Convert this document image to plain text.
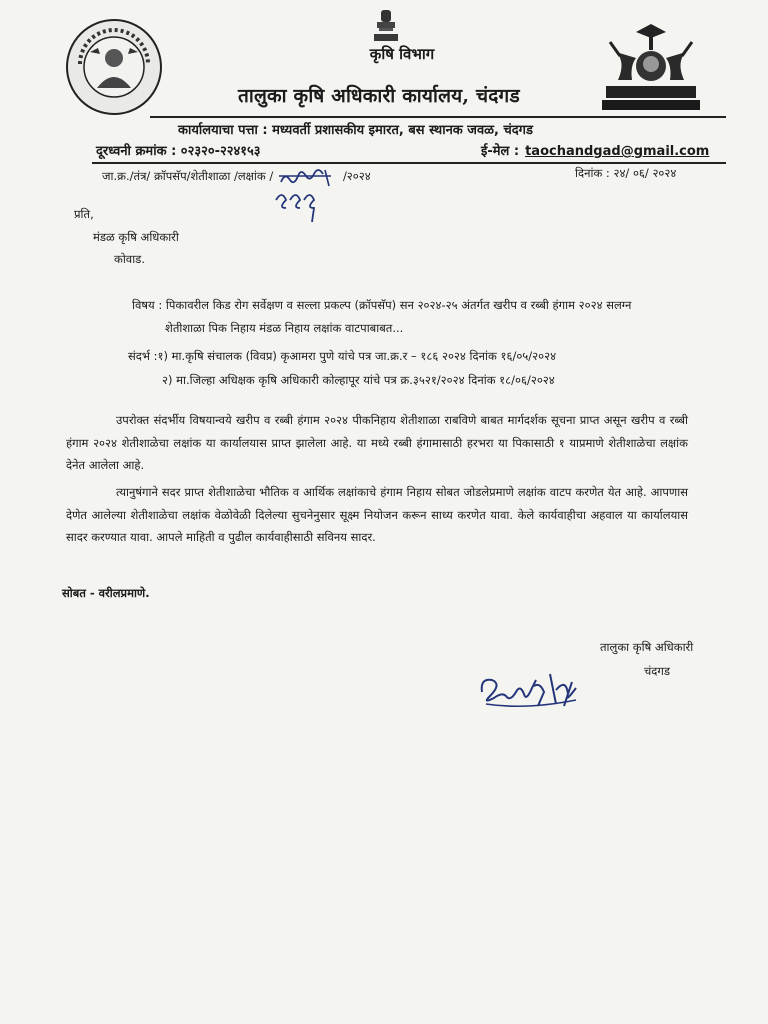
कृषि विभाग
तालुका कृषि अधिकारी कार्यालय, चंदगड
कार्यालयाचा पत्ता : मध्यवर्ती प्रशासकीय इमारत, बस स्थानक जवळ, चंदगड
दूरध्वनी क्रमांक : ०२३२०-२२४१५३	ई-मेल : taochandgad@gmail.com
जा.क्र./तंत्र/ क्रॉपसॅप/शेतीशाळा /लक्षांक /	/२०२४	दिनांक : २४/ ०६/ २०२४
प्रति,
मंडळ कृषि अधिकारी
कोवाड.
विषय : पिकावरील किड रोग सर्वेक्षण व सल्ला प्रकल्प (क्रॉपसॅप) सन २०२४-२५ अंतर्गत खरीप व रब्बी हंगाम २०२४ सलग्न
शेतीशाळा पिक निहाय मंडळ निहाय लक्षांक वाटपाबाबत...
संदर्भ :१) मा.कृषि संचालक (विवप्र) कृआमरा पुणे यांचे पत्र जा.क्र.र – १८६ २०२४ दिनांक १६/०५/२०२४
२) मा.जिल्हा अधिक्षक कृषि अधिकारी कोल्हापूर यांचे पत्र क्र.३५२१/२०२४ दिनांक १८/०६/२०२४
उपरोक्त संदर्भीय विषयान्वये खरीप व रब्बी हंगाम २०२४ पीकनिहाय शेतीशाळा राबविणे बाबत मार्गदर्शक सूचना प्राप्त असून खरीप व रब्बी हंगाम २०२४ शेतीशाळेचा लक्षांक या कार्यालयास प्राप्त झालेला आहे. या मध्ये रब्बी हंगामासाठी हरभरा या पिकासाठी १ याप्रमाणे शेतीशाळेचा लक्षांक देनेत आलेला आहे.
त्यानुषंगाने सदर प्राप्त शेतीशाळेचा भौतिक व आर्थिक लक्षांकाचे हंगाम निहाय सोबत जोडलेप्रमाणे लक्षांक वाटप करणेत येत आहे. आपणास देणेत आलेल्या शेतीशाळेचा लक्षांक वेळोवेळी दिलेल्या सुचनेनुसार सूक्ष्म नियोजन करून साध्य करणेत यावा. केले कार्यवाहीचा अहवाल या कार्यालयास सादर करण्यात यावा. आपले माहिती व पुढील कार्यवाहीसाठी सविनय सादर.
सोबत - वरीलप्रमाणे.
तालुका कृषि अधिकारी
चंदगड
